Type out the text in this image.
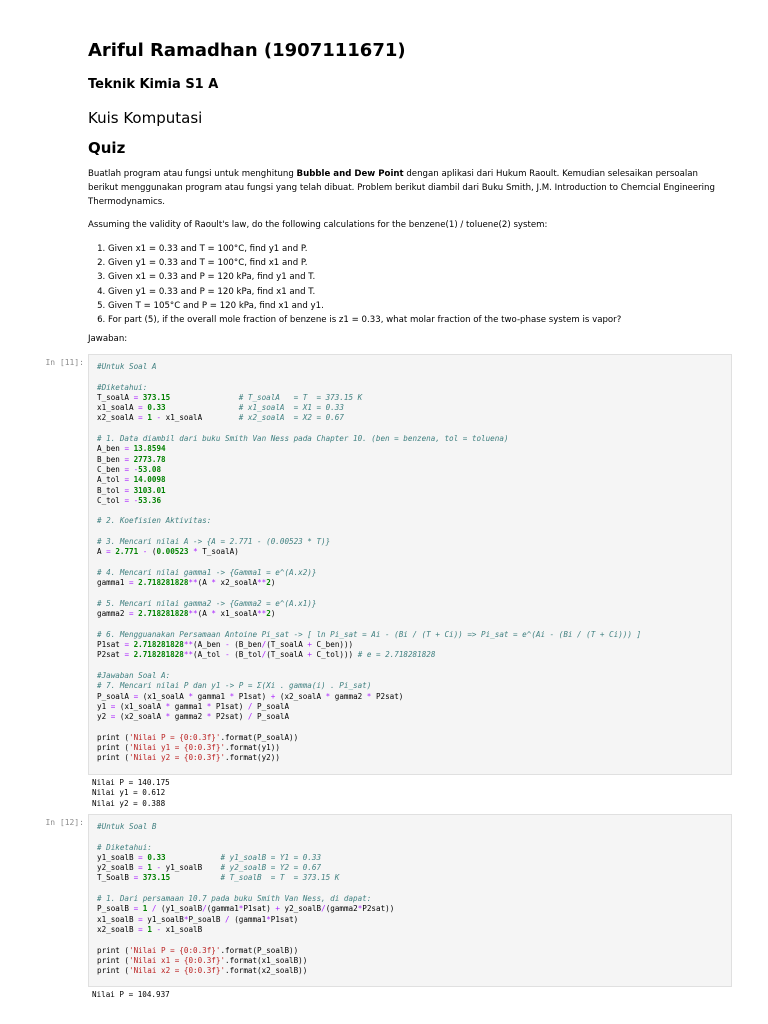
Ariful Ramadhan (1907111671)
Teknik Kimia S1 A
Kuis Komputasi
Quiz

Buatlah program atau fungsi untuk menghitung Bubble and Dew Point dengan aplikasi dari Hukum Raoult. Kemudian selesaikan persoalan berikut menggunakan program atau fungsi yang telah dibuat. Problem berikut diambil dari Buku Smith, J.M. Introduction to Chemcial Engineering Thermodynamics.

Assuming the validity of Raoult's law, do the following calculations for the benzene(1) / toluene(2) system:

1. Given x1 = 0.33 and T = 100°C, find y1 and P.
2. Given y1 = 0.33 and T = 100°C, find x1 and P.
3. Given x1 = 0.33 and P = 120 kPa, find y1 and T.
4. Given y1 = 0.33 and P = 120 kPa, find x1 and T.
5. Given T = 105°C and P = 120 kPa, find x1 and y1.
6. For part (5), if the overall mole fraction of benzene is z1 = 0.33, what molar fraction of the two-phase system is vapor?

Jawaban:

In [11]:	#Untuk Soal A

#Diketahui:
T_soalA = 373.15	# T_soalA   = T  = 373.15 K
x1_soalA = 0.33	# x1_soalA  = X1 = 0.33
x2_soalA = 1 - x1_soalA        # x2_soalA  = X2 = 0.67

# 1. Data diambil dari buku Smith Van Ness pada Chapter 10. (ben = benzena, tol = toluena)
A_ben = 13.8594
B_ben = 2773.78
C_ben = -53.08
A_tol = 14.0098
B_tol = 3103.01
C_tol = -53.36

# 2. Koefisien Aktivitas:

# 3. Mencari nilai A -> {A = 2.771 - (0.00523 * T)}
A = 2.771 - (0.00523 * T_soalA)

# 4. Mencari nilai gamma1 -> {Gamma1 = e^(A.x2)}
gamma1 = 2.718281828**(A * x2_soalA**2)

# 5. Mencari nilai gamma2 -> {Gamma2 = e^(A.x1)}
gamma2 = 2.718281828**(A * x1_soalA**2)

# 6. Mengguanakan Persamaan Antoine Pi_sat -> [ ln Pi_sat = Ai - (Bi / (T + Ci)) => Pi_sat = e^(Ai - (Bi / (T + Ci))) ]
P1sat = 2.718281828**(A_ben - (B_ben/(T_soalA + C_ben)))
P2sat = 2.718281828**(A_tol - (B_tol/(T_soalA + C_tol))) # e = 2.718281828

#Jawaban Soal A:
# 7. Mencari nilai P dan y1 -> P = Σ(Xi . gamma(i) . Pi_sat)
P_soalA = (x1_soalA * gamma1 * P1sat) + (x2_soalA * gamma2 * P2sat)
y1 = (x1_soalA * gamma1 * P1sat) / P_soalA
y2 = (x2_soalA * gamma2 * P2sat) / P_soalA

print ('Nilai P = {0:0.3f}'.format(P_soalA))
print ('Nilai y1 = {0:0.3f}'.format(y1))
print ('Nilai y2 = {0:0.3f}'.format(y2))
Nilai P = 140.175
Nilai y1 = 0.612
Nilai y2 = 0.388
In [12]:	#Untuk Soal B

# Diketahui:
y1_soalB = 0.33	# y1_soalB = Y1 = 0.33
y2_soalB = 1 - y1_soalB    # y2_soalB = Y2 = 0.67
T_SoalB = 373.15	# T_soalB  = T  = 373.15 K

# 1. Dari persamaan 10.7 pada buku Smith Van Ness, di dapat:
P_soalB = 1 / (y1_soalB/(gamma1*P1sat) + y2_soalB/(gamma2*P2sat))
x1_soalB = y1_soalB*P_soalB / (gamma1*P1sat)
x2_soalB = 1 - x1_soalB

print ('Nilai P = {0:0.3f}'.format(P_soalB))
print ('Nilai x1 = {0:0.3f}'.format(x1_soalB))
print ('Nilai x2 = {0:0.3f}'.format(x2_soalB))
Nilai P = 104.937
